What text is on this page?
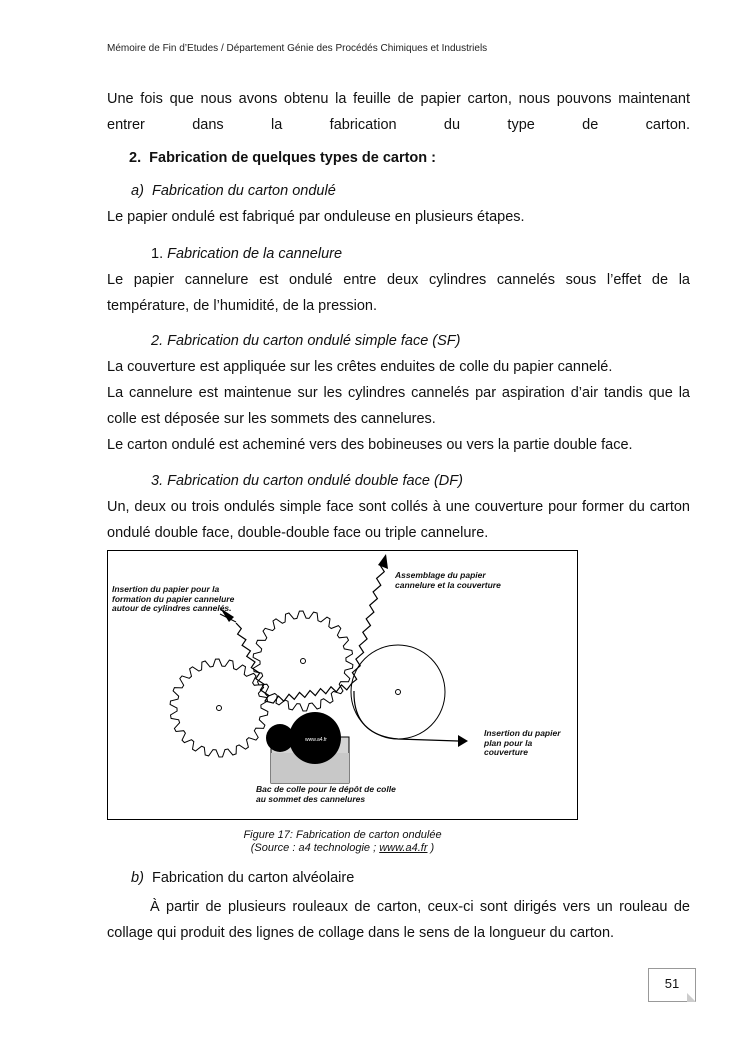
Mémoire de Fin d’Etudes / Département Génie des Procédés Chimiques et Industriels
Une fois que nous avons obtenu la feuille de papier carton, nous pouvons maintenant entrer dans la fabrication du type de carton.
2. Fabrication de quelques types de carton :
a) Fabrication du carton ondulé
Le papier ondulé est fabriqué par onduleuse en plusieurs étapes.
1. Fabrication de la cannelure
Le papier cannelure est ondulé entre deux cylindres cannelés sous l’effet de la température, de l’humidité, de la pression.
2. Fabrication du carton ondulé simple face (SF)
La couverture est appliquée sur les crêtes enduites de colle du papier cannelé.
La cannelure est maintenue sur les cylindres cannelés par aspiration d’air tandis que la colle est déposée sur les sommets des cannelures.
Le carton ondulé est acheminé vers des bobineuses ou vers la partie double face.
3. Fabrication du carton ondulé double face (DF)
Un, deux ou trois ondulés simple face sont collés à une couverture pour former du carton ondulé double face, double-double face ou triple cannelure.
www.a4.fr
Insertion du papier pour la formation du papier cannelure autour de cylindres cannelés.
Assemblage du papier cannelure et la couverture
Insertion du papier plan pour la couverture
Bac de colle pour le dépôt de colle au sommet des cannelures
Figure 17: Fabrication de carton ondulée
(Source : a4 technologie ; www.a4.fr )
b) Fabrication du carton alvéolaire
À partir de plusieurs rouleaux de carton, ceux-ci sont dirigés vers un rouleau de collage qui produit des lignes de collage dans le sens de la longueur du carton.
51
